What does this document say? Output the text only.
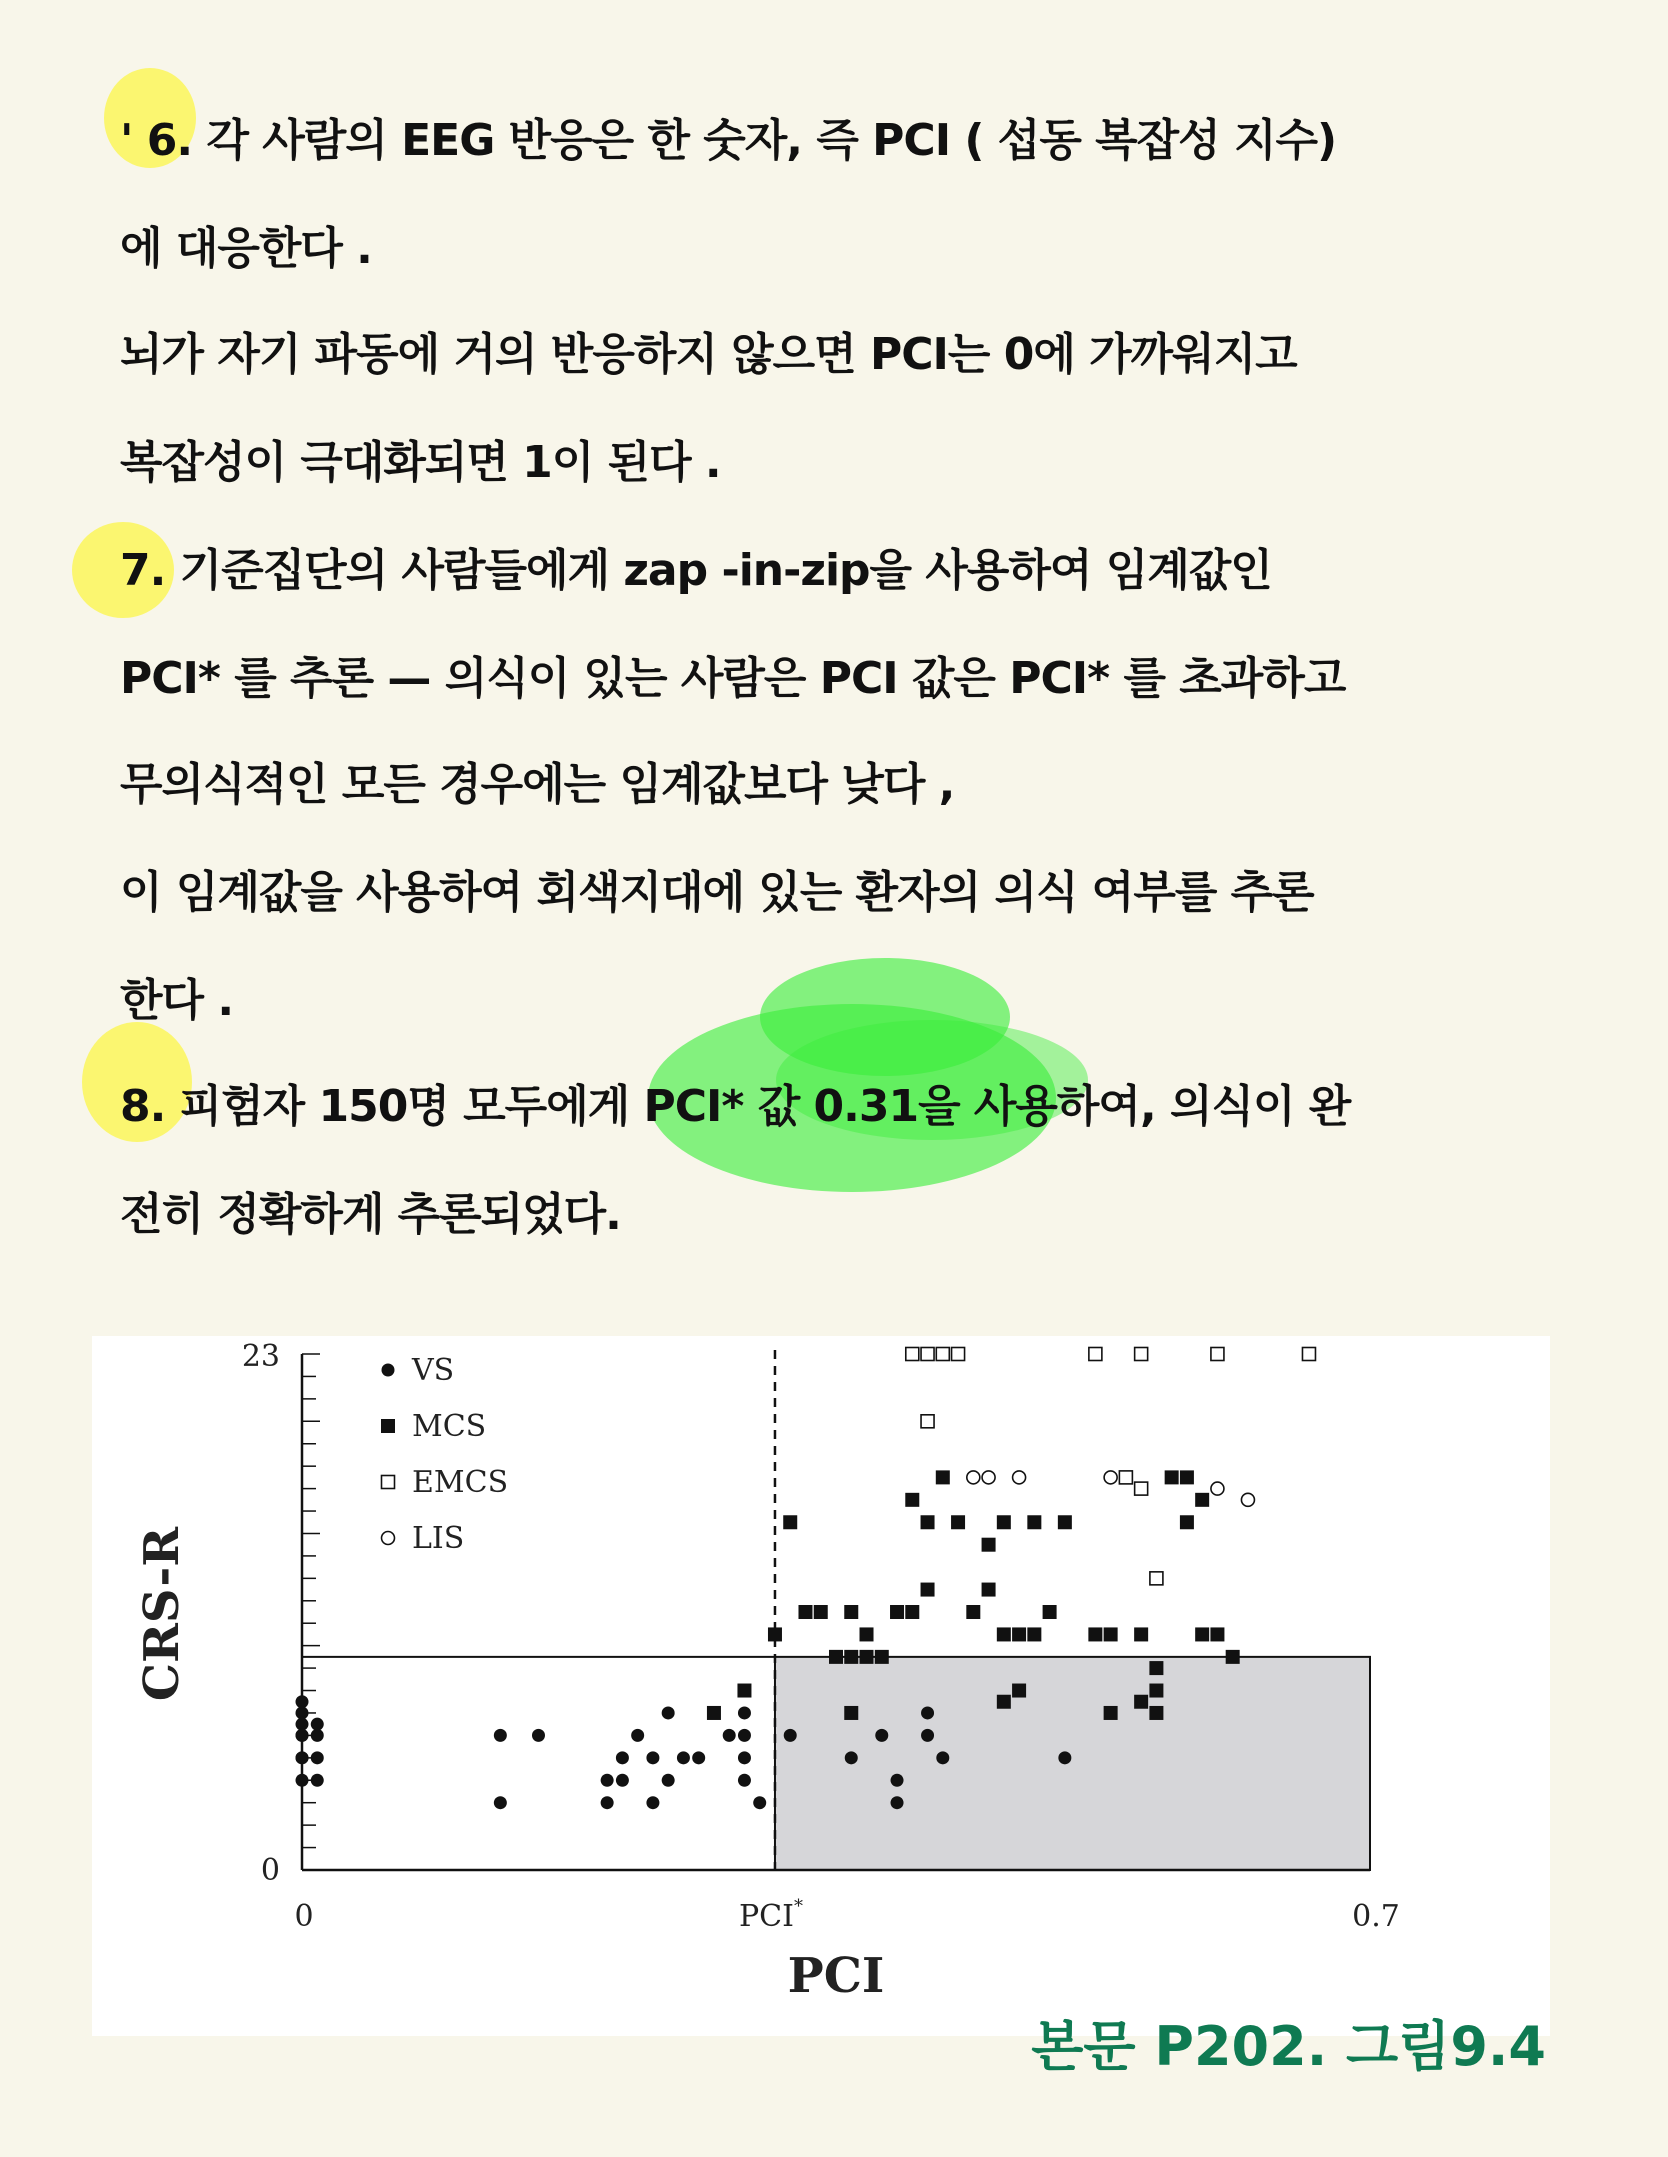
' 6. 각 사람의 EEG 반응은 한 숫자, 즉 PCI ( 섭동 복잡성 지수)
에 대응한다 .
뇌가 자기 파동에 거의 반응하지 않으면 PCI는 0에 가까워지고
복잡성이 극대화되면 1이 된다 .
7. 기준집단의 사람들에게 zap -in-zip을 사용하여 임계값인
PCI* 를 추론 — 의식이 있는 사람은 PCI 값은 PCI* 를 초과하고
무의식적인 모든 경우에는 임계값보다 낮다 ,
이 임계값을 사용하여 회색지대에 있는 환자의 의식 여부를 추론
한다 .
8. 피험자 150명 모두에게 PCI* 값 0.31을 사용하여, 의식이 완
전히 정확하게 추론되었다.
VS
MCS
EMCS
LIS
0
23
0	PCI*	0.7
PCI
CRS-R
본문 P202. 그림9.4
